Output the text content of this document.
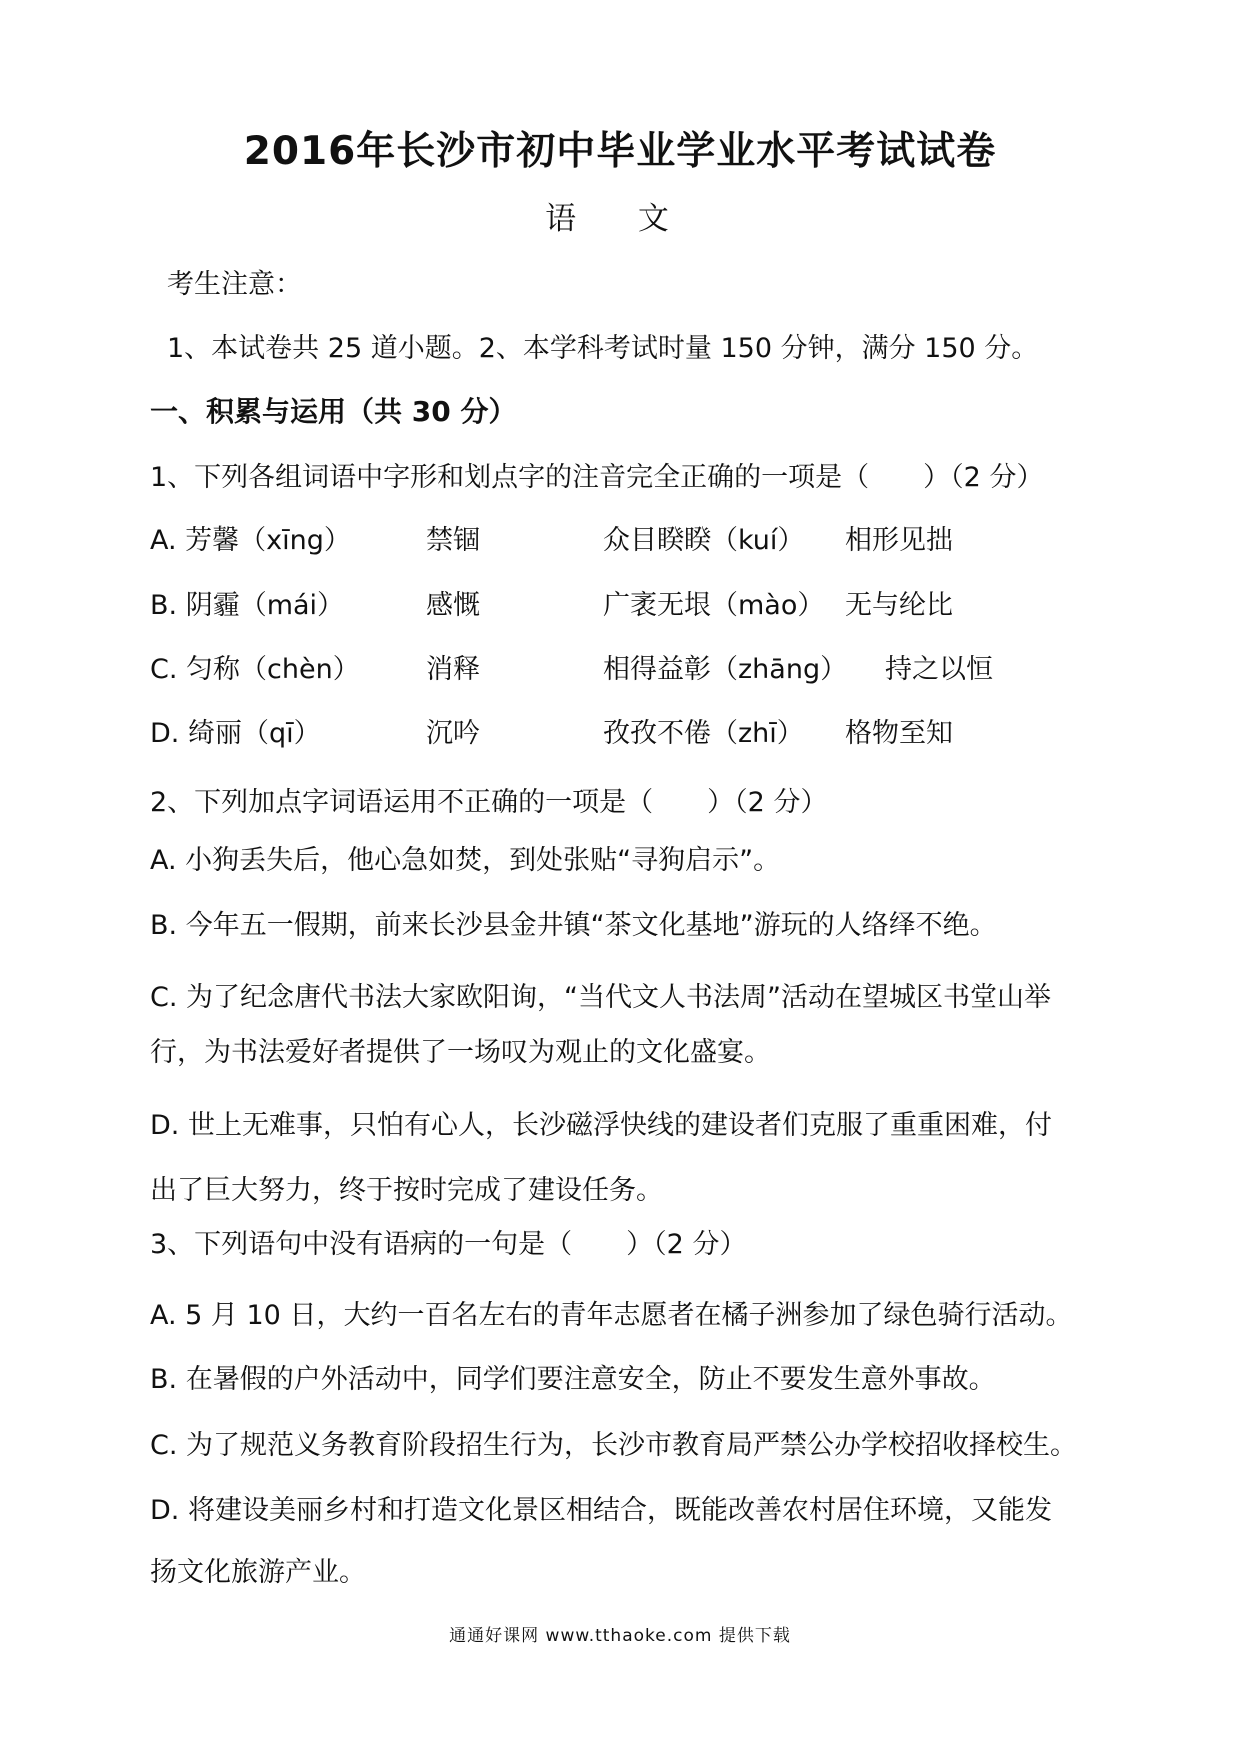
2016年长沙市初中毕业学业水平考试试卷
语 文
考生注意：
1、本试卷共 25 道小题。2、本学科考试时量 150 分钟，满分 150 分。
一、积累与运用（共 30 分）
1、下列各组词语中字形和划点字的注音完全正确的一项是（　　）（2 分）
A. 芳馨（xīng）	禁锢	众目睽睽（kuí） 相形见拙
B. 阴霾（mái）	感慨	广袤无垠（mào） 无与纶比
C. 匀称（chèn） 消释	相得益彰（zhāng） 持之以恒
D. 绮丽（qī）	沉吟	孜孜不倦（zhī） 格物至知
2、下列加点字词语运用不正确的一项是（　　）（2 分）
A. 小狗丢失后，他心急如焚，到处张贴“寻狗启示”。
B. 今年五一假期，前来长沙县金井镇“茶文化基地”游玩的人络绎不绝。
C. 为了纪念唐代书法大家欧阳询，“当代文人书法周”活动在望城区书堂山举
行，为书法爱好者提供了一场叹为观止的文化盛宴。
D. 世上无难事，只怕有心人，长沙磁浮快线的建设者们克服了重重困难，付
出了巨大努力，终于按时完成了建设任务。
3、下列语句中没有语病的一句是（　　）（2 分）
A. 5 月 10 日，大约一百名左右的青年志愿者在橘子洲参加了绿色骑行活动。
B. 在暑假的户外活动中，同学们要注意安全，防止不要发生意外事故。
C. 为了规范义务教育阶段招生行为，长沙市教育局严禁公办学校招收择校生。
D. 将建设美丽乡村和打造文化景区相结合，既能改善农村居住环境，又能发
扬文化旅游产业。
通通好课网 www.tthaoke.com 提供下载
